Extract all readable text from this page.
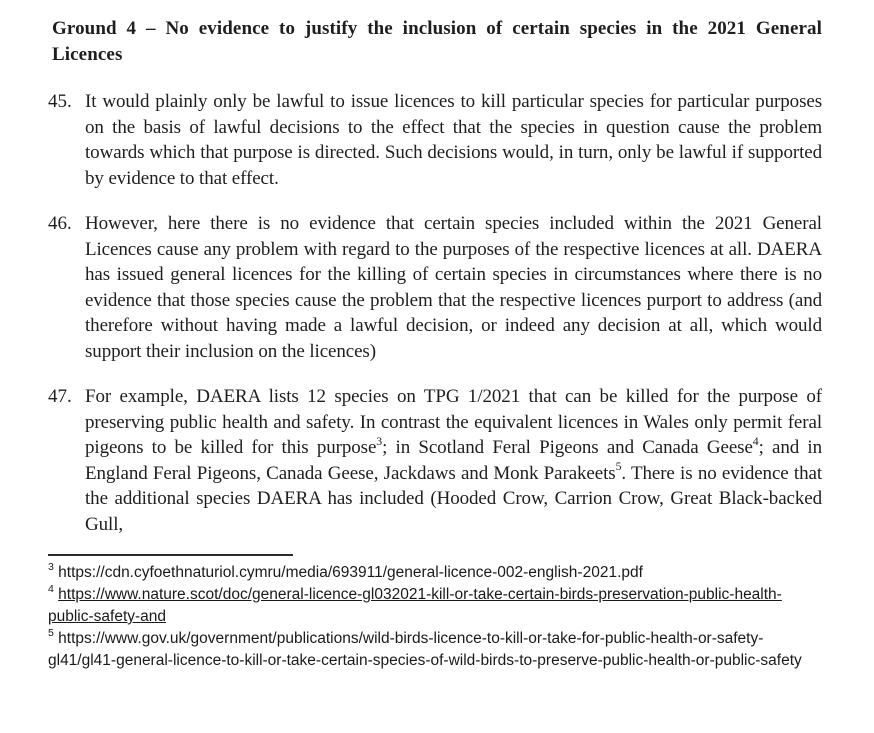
Ground 4 – No evidence to justify the inclusion of certain species in the 2021 General Licences
45. It would plainly only be lawful to issue licences to kill particular species for particular purposes on the basis of lawful decisions to the effect that the species in question cause the problem towards which that purpose is directed. Such decisions would, in turn, only be lawful if supported by evidence to that effect.
46. However, here there is no evidence that certain species included within the 2021 General Licences cause any problem with regard to the purposes of the respective licences at all. DAERA has issued general licences for the killing of certain species in circumstances where there is no evidence that those species cause the problem that the respective licences purport to address (and therefore without having made a lawful decision, or indeed any decision at all, which would support their inclusion on the licences)
47. For example, DAERA lists 12 species on TPG 1/2021 that can be killed for the purpose of preserving public health and safety. In contrast the equivalent licences in Wales only permit feral pigeons to be killed for this purpose$^3$; in Scotland Feral Pigeons and Canada Geese$^4$; and in England Feral Pigeons, Canada Geese, Jackdaws and Monk Parakeets$^5$. There is no evidence that the additional species DAERA has included (Hooded Crow, Carrion Crow, Great Black-backed Gull,
$^3$ https://cdn.cyfoethnaturiol.cymru/media/693911/general-licence-002-english-2021.pdf
$^4$ https://www.nature.scot/doc/general-licence-gl032021-kill-or-take-certain-birds-preservation-public-health-public-safety-and
$^5$ https://www.gov.uk/government/publications/wild-birds-licence-to-kill-or-take-for-public-health-or-safety-gl41/gl41-general-licence-to-kill-or-take-certain-species-of-wild-birds-to-preserve-public-health-or-public-safety
